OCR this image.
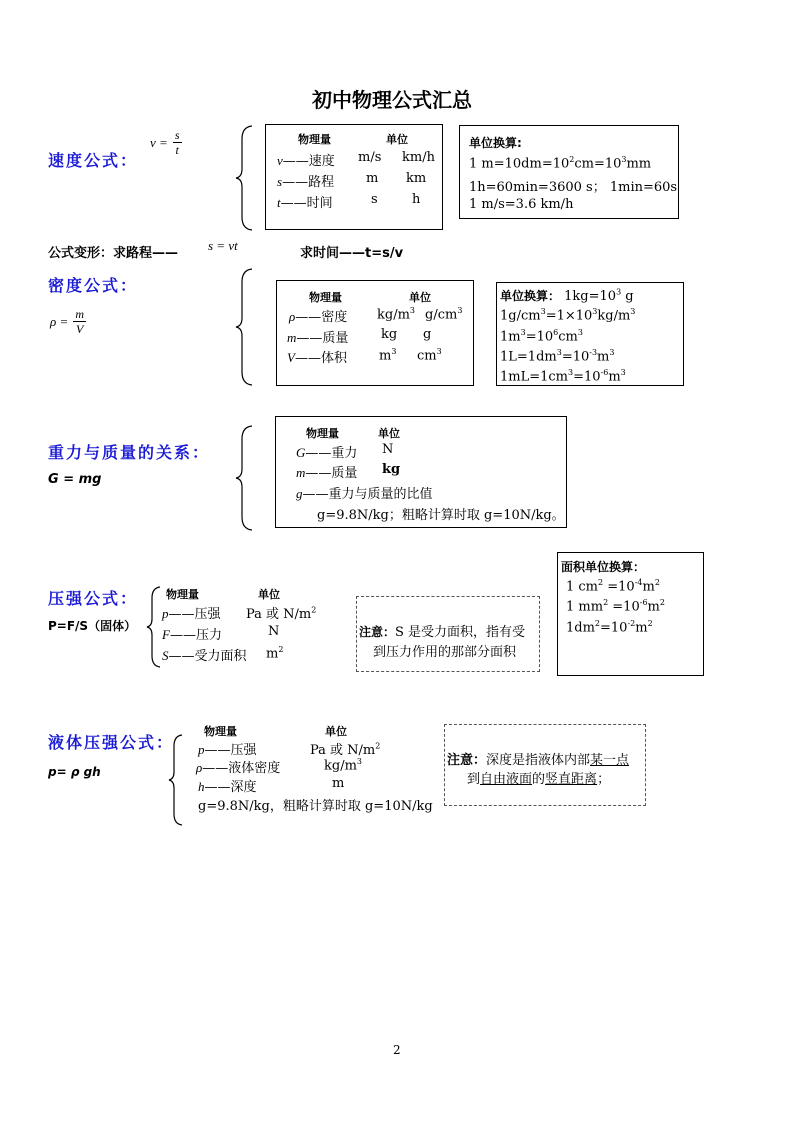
初中物理公式汇总
速度公式：
$v = \frac{s}{t}$	物理量	单位
v——速度 m/s km/h
s——路程 m km
t——时间	s	h
单位换算:
1 $m=10dm=10^2cm=10^3mm$
1h=60min=3600 s； 1min=60s
1 m/s=3.6 km/h
公式变形：求路程——
s = vt
求时间——t=s/v
密度公式：
$\rho = \frac{m}{V}$
物理量	单位
ρ——密度 $kg/m^3$ $g/cm^3$
m——质量	kg g
V——体积 $m^3$ $cm^3$
单位换算： $1kg=10^3$ g
$1g/cm^3=1\times 10^3kg/m^3$
$1m^3=10^6cm^3$
$1L=1dm^3=10^{-3}m^3$
$1mL=1cm^3=10^{-6}m^3$
重力与质量的关系：
G = mg
物理量	单位
G——重力 N
m——质量 kg
g——重力与质量的比值
g=9.8N/kg；粗略计算时取 g=10N/kg。
压强公式：
P=F/S（固体）
物理量	单位
p——压强 Pa 或 $N/m^2$
F——压力	N
S——受力面积 $m^2$
注意：S 是受力面积，指有受
到压力作用的那部分面积
面积单位换算：
1 $cm^2 =10^{-4}m^2$
1 $mm^2 =10^{-6}m^2$
$1dm^2=10^{-2}m^2$
液体压强公式：
p= ρ gh
物理量	单位
p——压强	Pa 或 $N/m^2$
ρ——液体密度	$kg/m^3$
h——深度	m
g=9.8N/kg，粗略计算时取 g=10N/kg
注意：深度是指液体内部某一点
到自由液面的竖直距离；
2
